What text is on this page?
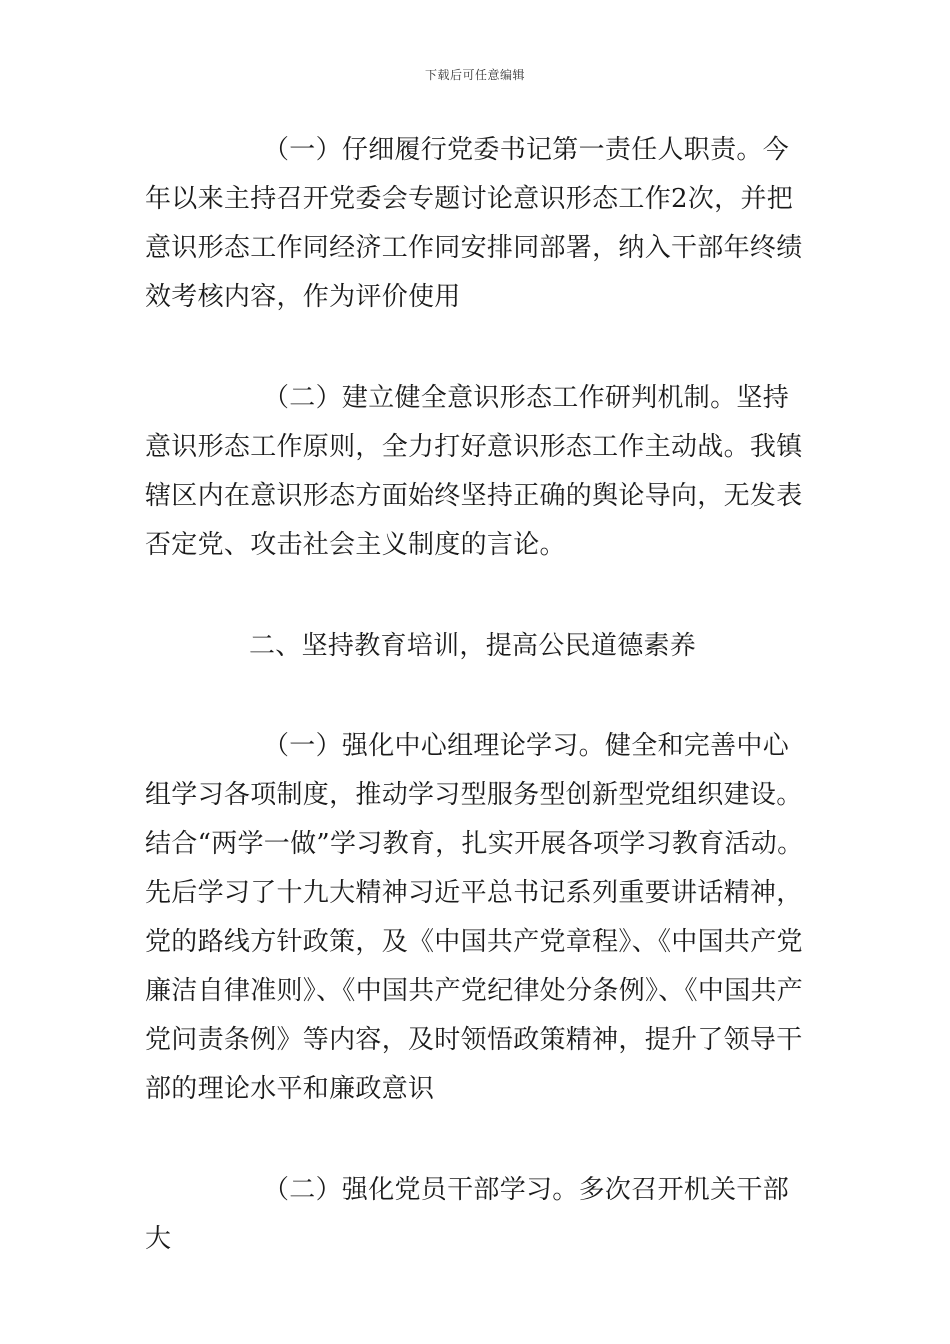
下载后可任意编辑

（一）仔细履行党委书记第一责任人职责。今年以来主持召开党委会专题讨论意识形态工作2次，并把意识形态工作同经济工作同安排同部署，纳入干部年终绩效考核内容，作为评价使用

（二）建立健全意识形态工作研判机制。坚持意识形态工作原则，全力打好意识形态工作主动战。我镇辖区内在意识形态方面始终坚持正确的舆论导向，无发表否定党、攻击社会主义制度的言论。

二、坚持教育培训，提高公民道德素养

（一）强化中心组理论学习。健全和完善中心组学习各项制度，推动学习型服务型创新型党组织建设。结合“两学一做”学习教育，扎实开展各项学习教育活动。先后学习了十九大精神习近平总书记系列重要讲话精神，党的路线方针政策，及《中国共产党章程》、《中国共产党廉洁自律准则》、《中国共产党纪律处分条例》、《中国共产党问责条例》等内容，及时领悟政策精神，提升了领导干部的理论水平和廉政意识

（二）强化党员干部学习。多次召开机关干部大
